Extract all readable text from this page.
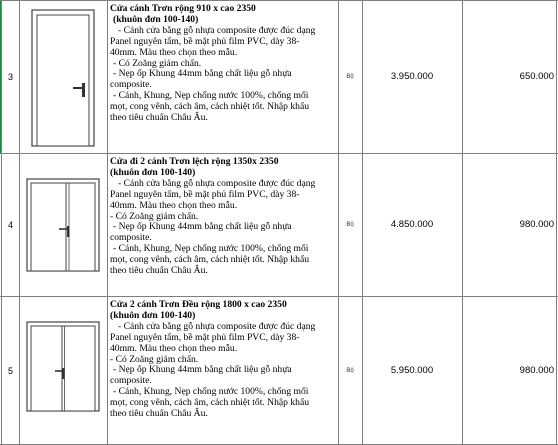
3
Cửa cánh Trơn rộng 910 x cao 2350
(khuôn đơn 100-140)
- Cánh cửa bằng gỗ nhựa composite được đúc dạng
Panel nguyên tấm, bề mặt phủ film PVC, dày 38-
40mm. Màu theo chọn theo mẫu.
- Có Zoăng giảm chấn.
- Nẹp ốp Khung 44mm bằng chất liệu gỗ nhựa
composite.
- Cánh, Khung, Nẹp chống nước 100%, chống mối
mọt, cong vênh, cách âm, cách nhiệt tốt. Nhập khẩu
theo tiêu chuẩn Châu Âu.
Bộ	3.950.000	650.000
4
Cửa đi 2 cánh Trơn lệch rộng 1350x 2350
(khuôn đơn 100-140)
- Cánh cửa bằng gỗ nhựa composite được đúc dạng
Panel nguyên tấm, bề mặt phủ film PVC, dày 38-
40mm. Màu theo chọn theo mẫu.
- Có Zoăng giảm chấn.
- Nẹp ốp Khung 44mm bằng chất liệu gỗ nhựa
composite.
- Cánh, Khung, Nẹp chống nước 100%, chống mối
mọt, cong vênh, cách âm, cách nhiệt tốt. Nhập khẩu
theo tiêu chuẩn Châu Âu.
Bộ	4.850.000	980.000
5
Cửa 2 cánh Trơn Đều rộng 1800 x cao 2350
(khuôn đơn 100-140)
- Cánh cửa bằng gỗ nhựa composite được đúc dạng
Panel nguyên tấm, bề mặt phủ film PVC, dày 38-
40mm. Màu theo chọn theo mẫu.
- Có Zoăng giảm chấn.
- Nẹp ốp Khung 44mm bằng chất liệu gỗ nhựa
composite.
- Cánh, Khung, Nẹp chống nước 100%, chống mối
mọt, cong vênh, cách âm, cách nhiệt tốt. Nhập khẩu
theo tiêu chuẩn Châu Âu.
Bộ	5.950.000	980.000
